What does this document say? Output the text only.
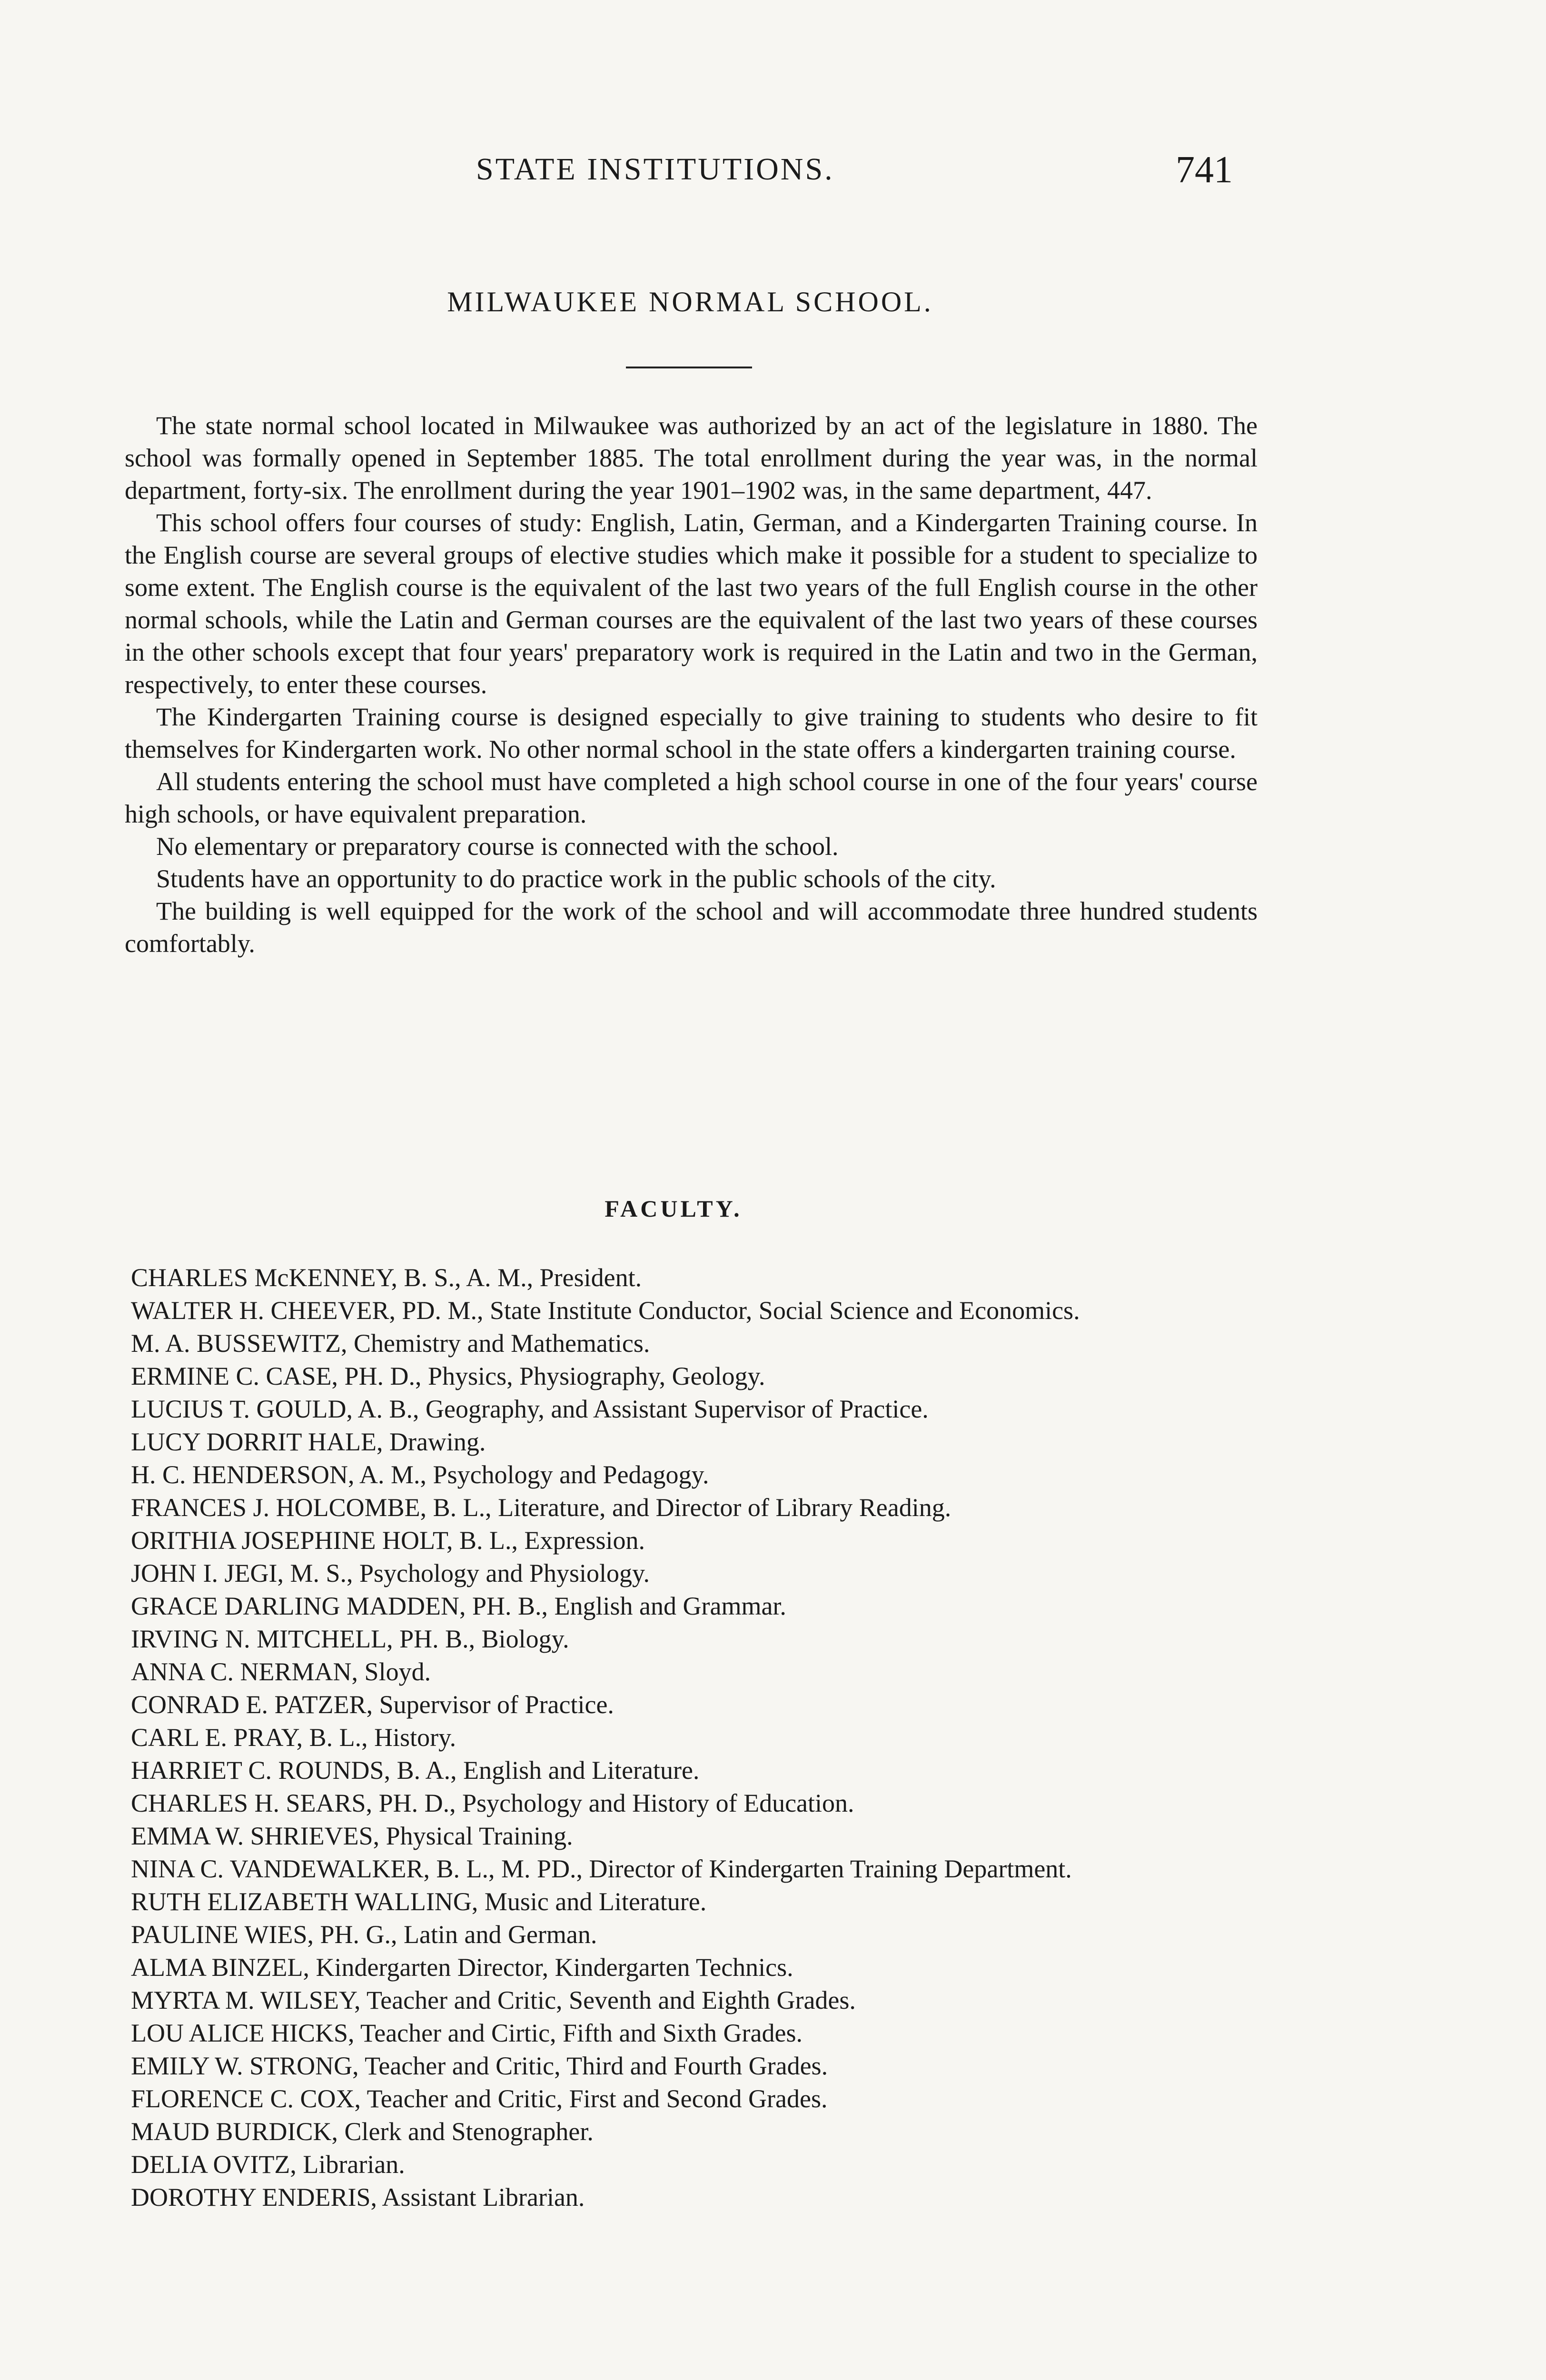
STATE INSTITUTIONS.	741
MILWAUKEE NORMAL SCHOOL.

The state normal school located in Milwaukee was authorized by an act of the legislature in 1880. The school was formally opened in September 1885. The total enrollment during the year was, in the normal department, forty-six. The enrollment during the year 1901–1902 was, in the same department, 447.

This school offers four courses of study: English, Latin, German, and a Kindergarten Training course. In the English course are several groups of elective studies which make it possible for a student to specialize to some extent. The English course is the equivalent of the last two years of the full English course in the other normal schools, while the Latin and German courses are the equivalent of the last two years of these courses in the other schools except that four years' preparatory work is required in the Latin and two in the German, respectively, to enter these courses.

The Kindergarten Training course is designed especially to give training to students who desire to fit themselves for Kindergarten work. No other normal school in the state offers a kindergarten training course.

All students entering the school must have completed a high school course in one of the four years' course high schools, or have equivalent preparation.

No elementary or preparatory course is connected with the school.

Students have an opportunity to do practice work in the public schools of the city.

The building is well equipped for the work of the school and will accommodate three hundred students comfortably.

FACULTY.
CHARLES McKENNEY, B. S., A. M., President.
WALTER H. CHEEVER, PD. M., State Institute Conductor, Social Science and Economics.
M. A. BUSSEWITZ, Chemistry and Mathematics.
ERMINE C. CASE, PH. D., Physics, Physiography, Geology.
LUCIUS T. GOULD, A. B., Geography, and Assistant Supervisor of Practice.
LUCY DORRIT HALE, Drawing.
H. C. HENDERSON, A. M., Psychology and Pedagogy.
FRANCES J. HOLCOMBE, B. L., Literature, and Director of Library Reading.
ORITHIA JOSEPHINE HOLT, B. L., Expression.
JOHN I. JEGI, M. S., Psychology and Physiology.
GRACE DARLING MADDEN, PH. B., English and Grammar.
IRVING N. MITCHELL, PH. B., Biology.
ANNA C. NERMAN, Sloyd.
CONRAD E. PATZER, Supervisor of Practice.
CARL E. PRAY, B. L., History.
HARRIET C. ROUNDS, B. A., English and Literature.
CHARLES H. SEARS, PH. D., Psychology and History of Education.
EMMA W. SHRIEVES, Physical Training.
NINA C. VANDEWALKER, B. L., M. PD., Director of Kindergarten Training Department.
RUTH ELIZABETH WALLING, Music and Literature.
PAULINE WIES, PH. G., Latin and German.
ALMA BINZEL, Kindergarten Director, Kindergarten Technics.
MYRTA M. WILSEY, Teacher and Critic, Seventh and Eighth Grades.
LOU ALICE HICKS, Teacher and Cirtic, Fifth and Sixth Grades.
EMILY W. STRONG, Teacher and Critic, Third and Fourth Grades.
FLORENCE C. COX, Teacher and Critic, First and Second Grades.
MAUD BURDICK, Clerk and Stenographer.
DELIA OVITZ, Librarian.
DOROTHY ENDERIS, Assistant Librarian.
